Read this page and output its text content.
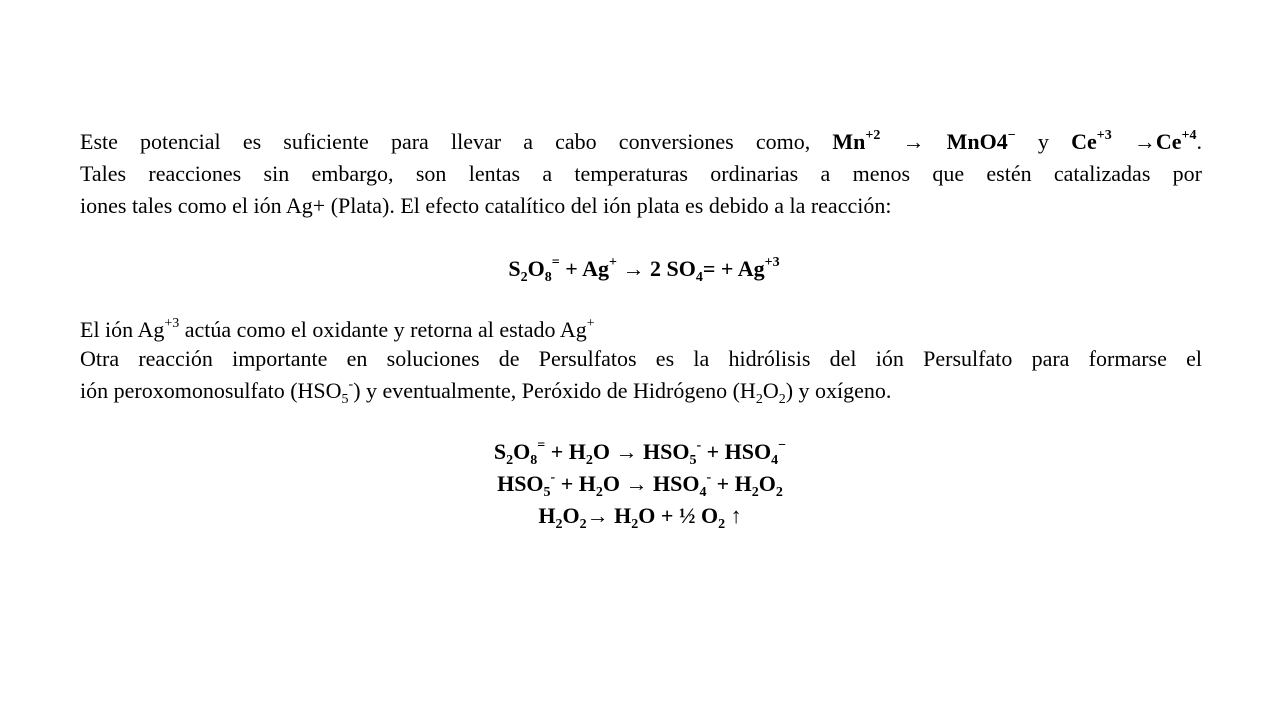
Este potencial es suficiente para llevar a cabo conversiones como, $Mn^{+2} \to MnO4^-$ y $Ce^{+3} \to Ce^{+4}$.
Tales reacciones sin embargo, son lentas a temperaturas ordinarias a menos que estén catalizadas por
iones tales como el ión Ag+ (Plata). El efecto catalítico del ión plata es debido a la reacción:
$S_2O_8^= + Ag^+ \to 2$ $SO_4= + Ag^{+3}$
El ión $Ag^{+3}$ actúa como el oxidante y retorna al estado Ag+
Otra reacción importante en soluciones de Persulfatos es la hidrólisis del ión Persulfato para formarse el
ión peroxomonosulfato $(HSO_5^-)$ y eventualmente, Peróxido de Hidrógeno $(H_2O_2)$ y oxígeno.
$S_2O_8^= + H_2O \to HSO_5^- + HSO_4^-$
$HSO_5^- + H_2O \to HSO_4^- + H_2O_2$
$H_2O_2\to H_2O$ + ½ $O_2$ ↑
